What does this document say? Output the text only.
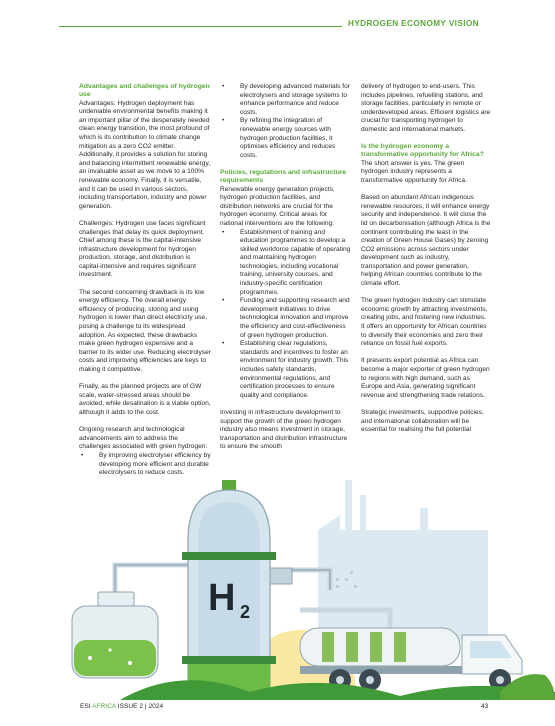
HYDROGEN ECONOMY VISION
Advantages and challenges of hydrogen use

Advantages: Hydrogen deployment has undeniable environmental benefits making it an important pillar of the desperately needed clean energy transition, the most profound of which is its contribution to climate change mitigation as a zero CO2 emitter. Additionally, it provides a solution for storing and balancing intermittent renewable energy, an invaluable asset as we move to a 100% renewable economy. Finally, it is versatile, and it can be used in various sectors, including transportation, industry and power generation.

Challenges: Hydrogen use faces significant challenges that delay its quick deployment. Chief among these is the capital-intensive infrastructure development for hydrogen production, storage, and distribution is capital-intensive and requires significant investment.

The second concerning drawback is its low energy efficiency. The overall energy efficiency of producing, storing and using hydrogen is lower than direct electricity use, posing a challenge to its widespread adoption. As expected, these drawbacks make green hydrogen expensive and a barrier to its wider use. Reducing electrolyser costs and improving efficiencies are keys to making it competitive.

Finally, as the planned projects are of GW scale, water-stressed areas should be avoided, while desalination is a viable option, although it adds to the cost.

Ongoing research and technological advancements aim to address the challenges associated with green hydrogen:

• By improving electrolyser efficiency by developing more efficient and durable electrolysers to reduce costs.
• By developing advanced materials for electrolysers and storage systems to enhance performance and reduce costs.
• By refining the integration of renewable energy sources with hydrogen production facilities, it optimises efficiency and reduces costs.
Policies, regulations and infrastructure requirements

Renewable energy generation projects, hydrogen production facilities, and distribution networks are crucial for the hydrogen economy. Critical areas for national interventions are the following:

• Establishment of training and education programmes to develop a skilled workforce capable of operating and maintaining hydrogen technologies, including vocational training, university courses, and industry-specific certification programmes.
• Funding and supporting research and development initiatives to drive technological innovation and improve the efficiency and cost-effectiveness of green hydrogen production.
• Establishing clear regulations, standards and incentives to foster an environment for industry growth. This includes safety standards, environmental regulations, and certification processes to ensure quality and compliance.

Investing in infrastructure development to support the growth of the green hydrogen industry also means investment in storage, transportation and distribution infrastructure to ensure the smooth

delivery of hydrogen to end-users. This includes pipelines, refuelling stations, and storage facilities, particularly in remote or underdeveloped areas. Efficient logistics are crucial for transporting hydrogen to domestic and international markets.

Is the hydrogen economy a transformative opportunity for Africa?

The short answer is yes. The green hydrogen industry represents a transformative opportunity for Africa.

Based on abundant African indigenous renewable resources, it will enhance energy security and independence. It will close the lid on decarbonisation (although Africa is the continent contributing the least in the creation of Green House Gases) by zeroing CO2 emissions across sectors under development such as industry, transportation and power generation, helping African countries contribute to the climate effort.

The green hydrogen industry can stimulate economic growth by attracting investments, creating jobs, and fostering new industries. It offers an opportunity for African countries to diversify their economies and zero their reliance on fossil fuel exports.

It presents export potential as Africa can become a major exporter of green hydrogen to regions with high demand, such as Europe and Asia, generating significant revenue and strengthening trade relations.

Strategic investments, supportive policies, and international collaboration will be essential for realising the full potential

H 2
ESI AFRICA ISSUE 2 | 2024	43
